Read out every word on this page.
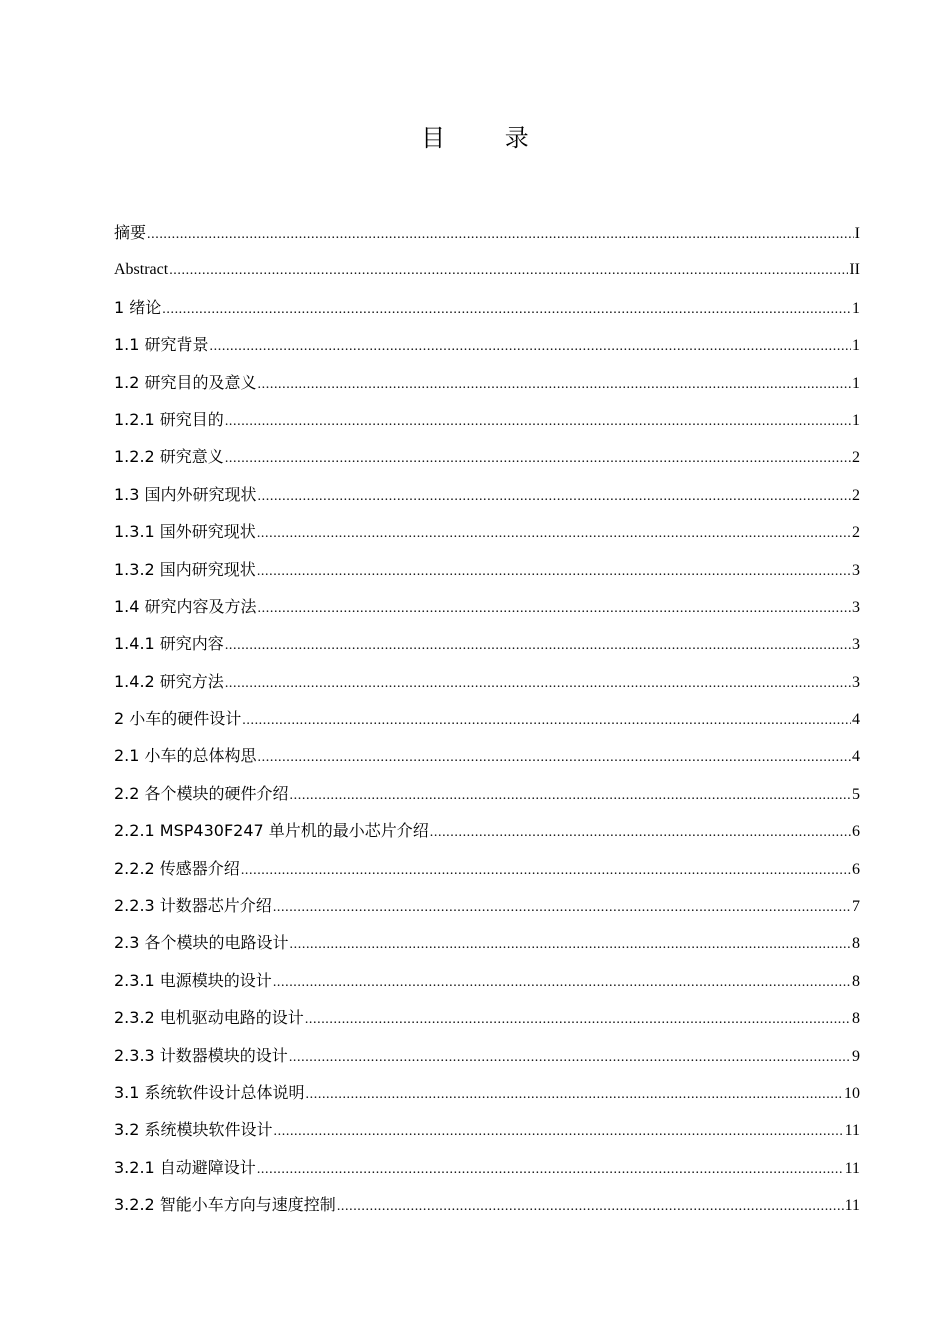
目 录
摘要 .....	I
Abstract .....	II
1 绪论 .....	1
1.1 研究背景 .....	1
1.2 研究目的及意义 .....	1
1.2.1 研究目的 .....	1
1.2.2 研究意义 .....	2
1.3 国内外研究现状 .....	2
1.3.1 国外研究现状 .....	2
1.3.2 国内研究现状 .....	3
1.4 研究内容及方法 .....	3
1.4.1 研究内容 .....	3
1.4.2 研究方法 .....	3
2 小车的硬件设计 .....	4
2.1 小车的总体构思 .....	4
2.2 各个模块的硬件介绍 .....	5
2.2.1 MSP430F247 单片机的最小芯片介绍 .....	6
2.2.2 传感器介绍 .....	6
2.2.3 计数器芯片介绍 .....	7
2.3 各个模块的电路设计 .....	8
2.3.1 电源模块的设计 .....	8
2.3.2 电机驱动电路的设计 .....	8
2.3.3 计数器模块的设计 .....	9
3.1 系统软件设计总体说明 .....	10
3.2 系统模块软件设计 .....	11
3.2.1 自动避障设计 .....	11
3.2.2 智能小车方向与速度控制 .....	11
